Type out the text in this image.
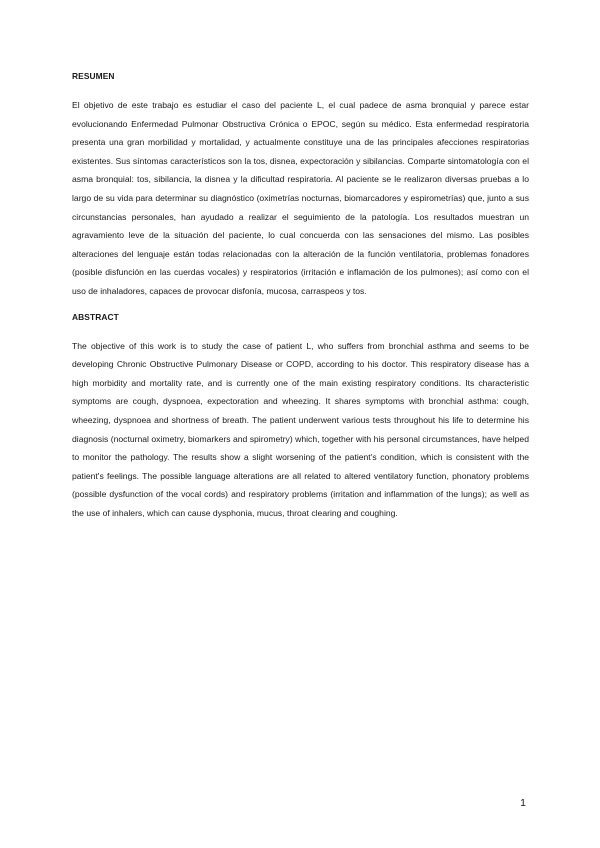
RESUMEN

El objetivo de este trabajo es estudiar el caso del paciente L, el cual padece de asma bronquial y parece estar evolucionando Enfermedad Pulmonar Obstructiva Crónica o EPOC, según su médico. Esta enfermedad respiratoria presenta una gran morbilidad y mortalidad, y actualmente constituye una de las principales afecciones respiratorias existentes. Sus síntomas característicos son la tos, disnea, expectoración y sibilancias. Comparte sintomatología con el asma bronquial: tos, sibilancia, la disnea y la dificultad respiratoria. Al paciente se le realizaron diversas pruebas a lo largo de su vida para determinar su diagnóstico (oximetrías nocturnas, biomarcadores y espirometrías) que, junto a sus circunstancias personales, han ayudado a realizar el seguimiento de la patología. Los resultados muestran un agravamiento leve de la situación del paciente, lo cual concuerda con las sensaciones del mismo. Las posibles alteraciones del lenguaje están todas relacionadas con la alteración de la función ventilatoria, problemas fonadores (posible disfunción en las cuerdas vocales) y respiratorios (irritación e inflamación de los pulmones); así como con el uso de inhaladores, capaces de provocar disfonía, mucosa, carraspeos y tos.

ABSTRACT

The objective of this work is to study the case of patient L, who suffers from bronchial asthma and seems to be developing Chronic Obstructive Pulmonary Disease or COPD, according to his doctor. This respiratory disease has a high morbidity and mortality rate, and is currently one of the main existing respiratory conditions. Its characteristic symptoms are cough, dyspnoea, expectoration and wheezing. It shares symptoms with bronchial asthma: cough, wheezing, dyspnoea and shortness of breath. The patient underwent various tests throughout his life to determine his diagnosis (nocturnal oximetry, biomarkers and spirometry) which, together with his personal circumstances, have helped to monitor the pathology. The results show a slight worsening of the patient's condition, which is consistent with the patient's feelings. The possible language alterations are all related to altered ventilatory function, phonatory problems (possible dysfunction of the vocal cords) and respiratory problems (irritation and inflammation of the lungs); as well as the use of inhalers, which can cause dysphonia, mucus, throat clearing and coughing.

1
